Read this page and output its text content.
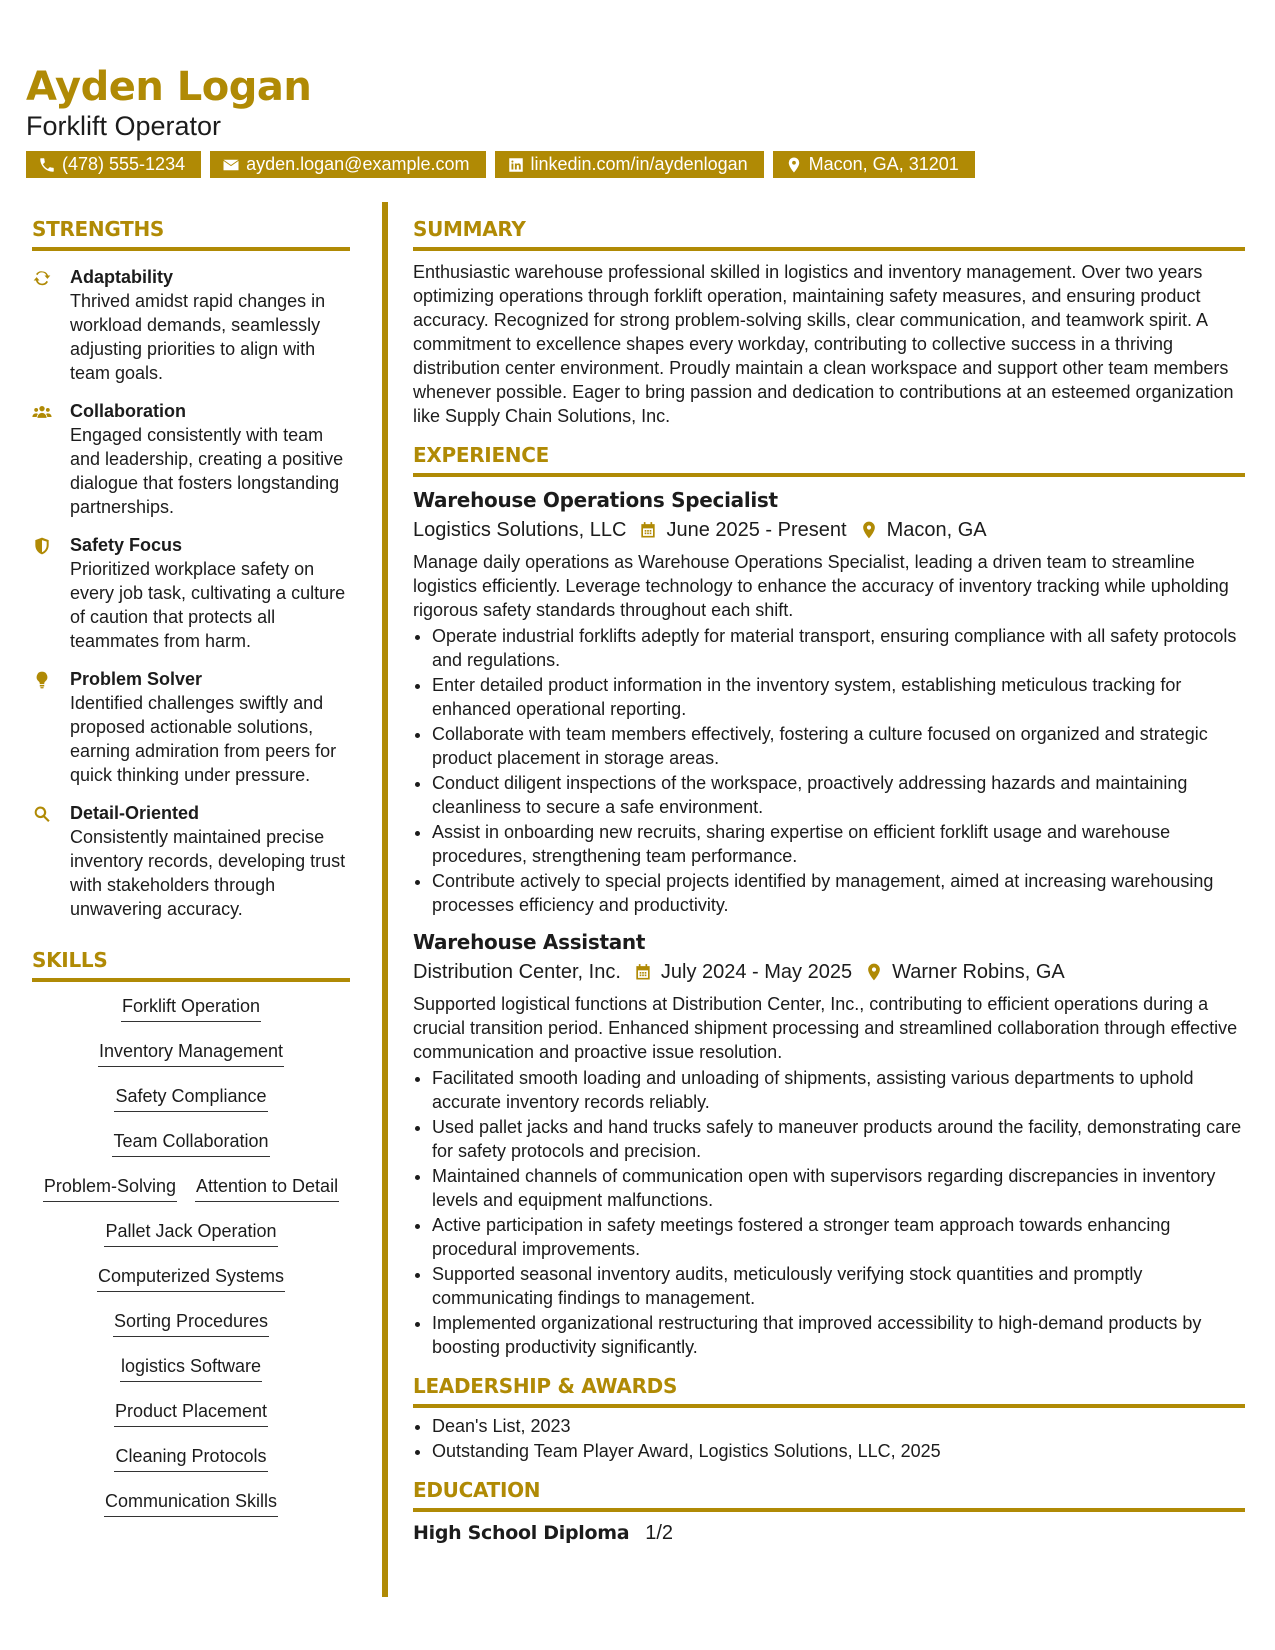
Ayden Logan
Forklift Operator
(478) 555-1234	ayden.logan@example.com	linkedin.com/in/aydenlogan	Macon, GA, 31201
STRENGTHS
Adaptability
Thrived amidst rapid changes in workload demands, seamlessly adjusting priorities to align with team goals.
Collaboration
Engaged consistently with team and leadership, creating a positive dialogue that fosters longstanding partnerships.
Safety Focus
Prioritized workplace safety on every job task, cultivating a culture of caution that protects all teammates from harm.
Problem Solver
Identified challenges swiftly and proposed actionable solutions, earning admiration from peers for quick thinking under pressure.
Detail-Oriented
Consistently maintained precise inventory records, developing trust with stakeholders through unwavering accuracy.
SKILLS
Forklift Operation
Inventory Management
Safety Compliance
Team Collaboration
Problem-Solving Attention to Detail
Pallet Jack Operation
Computerized Systems
Sorting Procedures
logistics Software
Product Placement
Cleaning Protocols
Communication Skills
SUMMARY

Enthusiastic warehouse professional skilled in logistics and inventory management. Over two years optimizing operations through forklift operation, maintaining safety measures, and ensuring product accuracy. Recognized for strong problem-solving skills, clear communication, and teamwork spirit. A commitment to excellence shapes every workday, contributing to collective success in a thriving distribution center environment. Proudly maintain a clean workspace and support other team members whenever possible. Eager to bring passion and dedication to contributions at an esteemed organization like Supply Chain Solutions, Inc.

EXPERIENCE
Warehouse Operations Specialist
Logistics Solutions, LLC June 2025 - Present Macon, GA

Manage daily operations as Warehouse Operations Specialist, leading a driven team to streamline logistics efficiently. Leverage technology to enhance the accuracy of inventory tracking while upholding rigorous safety standards throughout each shift.

• Operate industrial forklifts adeptly for material transport, ensuring compliance with all safety protocols and regulations.
• Enter detailed product information in the inventory system, establishing meticulous tracking for enhanced operational reporting.
• Collaborate with team members effectively, fostering a culture focused on organized and strategic product placement in storage areas.
• Conduct diligent inspections of the workspace, proactively addressing hazards and maintaining cleanliness to secure a safe environment.
• Assist in onboarding new recruits, sharing expertise on efficient forklift usage and warehouse procedures, strengthening team performance.
• Contribute actively to special projects identified by management, aimed at increasing warehousing processes efficiency and productivity.
Warehouse Assistant
Distribution Center, Inc. July 2024 - May 2025 Warner Robins, GA

Supported logistical functions at Distribution Center, Inc., contributing to efficient operations during a crucial transition period. Enhanced shipment processing and streamlined collaboration through effective communication and proactive issue resolution.

• Facilitated smooth loading and unloading of shipments, assisting various departments to uphold accurate inventory records reliably.
• Used pallet jacks and hand trucks safely to maneuver products around the facility, demonstrating care for safety protocols and precision.
• Maintained channels of communication open with supervisors regarding discrepancies in inventory levels and equipment malfunctions.
• Active participation in safety meetings fostered a stronger team approach towards enhancing procedural improvements.
• Supported seasonal inventory audits, meticulously verifying stock quantities and promptly communicating findings to management.
• Implemented organizational restructuring that improved accessibility to high-demand products by boosting productivity significantly.
LEADERSHIP & AWARDS
• Dean's List, 2023
• Outstanding Team Player Award, Logistics Solutions, LLC, 2025
EDUCATION
High School Diploma 1/2
